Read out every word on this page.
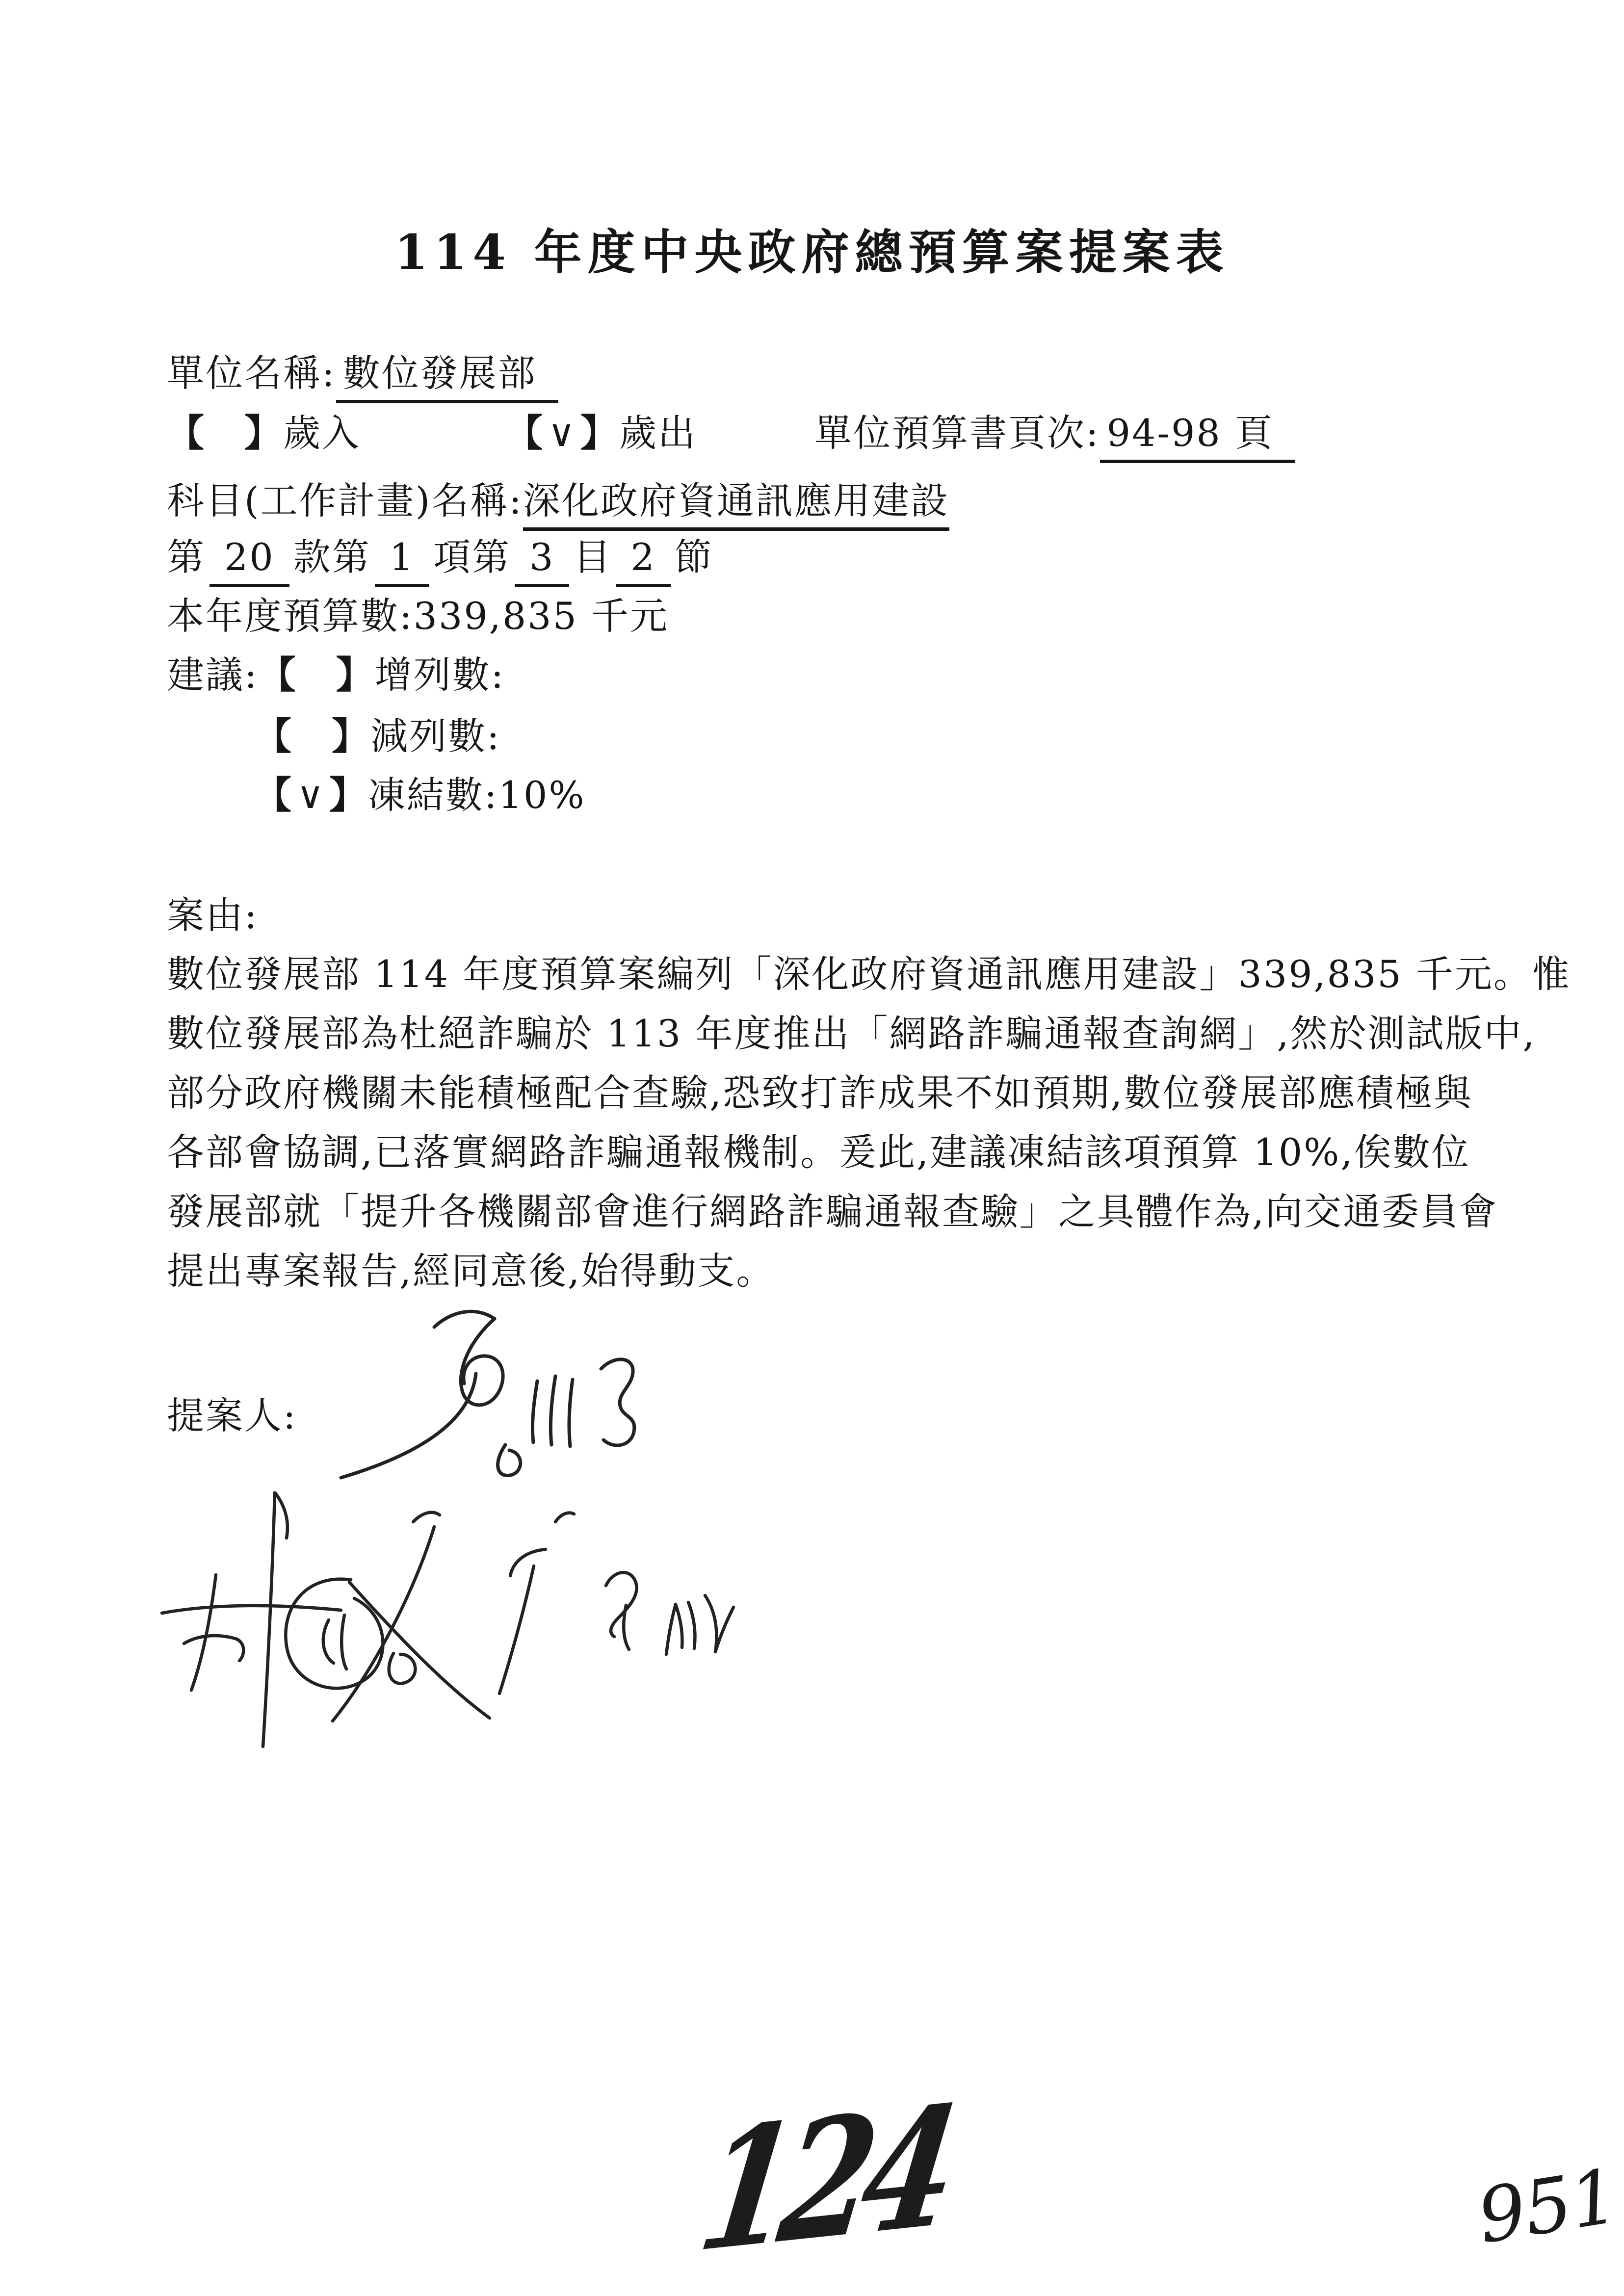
114 年度中央政府總預算案提案表
單位名稱: 數位發展部
【　 】歲入	【 ∨ 】歲出	單位預算書頁次: 94-98 頁
科目(工作計畫)名稱:深化政府資通訊應用建設
第 20 款第 1 項第 3 目 2 節
本年度預算數:339,835 千元
建議:【　 】增列數:
【　 】減列數:
【 ∨ 】凍結數:10%
案由:
數位發展部 114 年度預算案編列「深化政府資通訊應用建設」339,835 千元。惟
數位發展部為杜絕詐騙於 113 年度推出「網路詐騙通報查詢網」,然於測試版中,
部分政府機關未能積極配合查驗,恐致打詐成果不如預期,數位發展部應積極與
各部會協調,已落實網路詐騙通報機制。爰此,建議凍結該項預算 10%,俟數位
發展部就「提升各機關部會進行網路詐騙通報查驗」之具體作為,向交通委員會
提出專案報告,經同意後,始得動支。
提案人:
124	951
